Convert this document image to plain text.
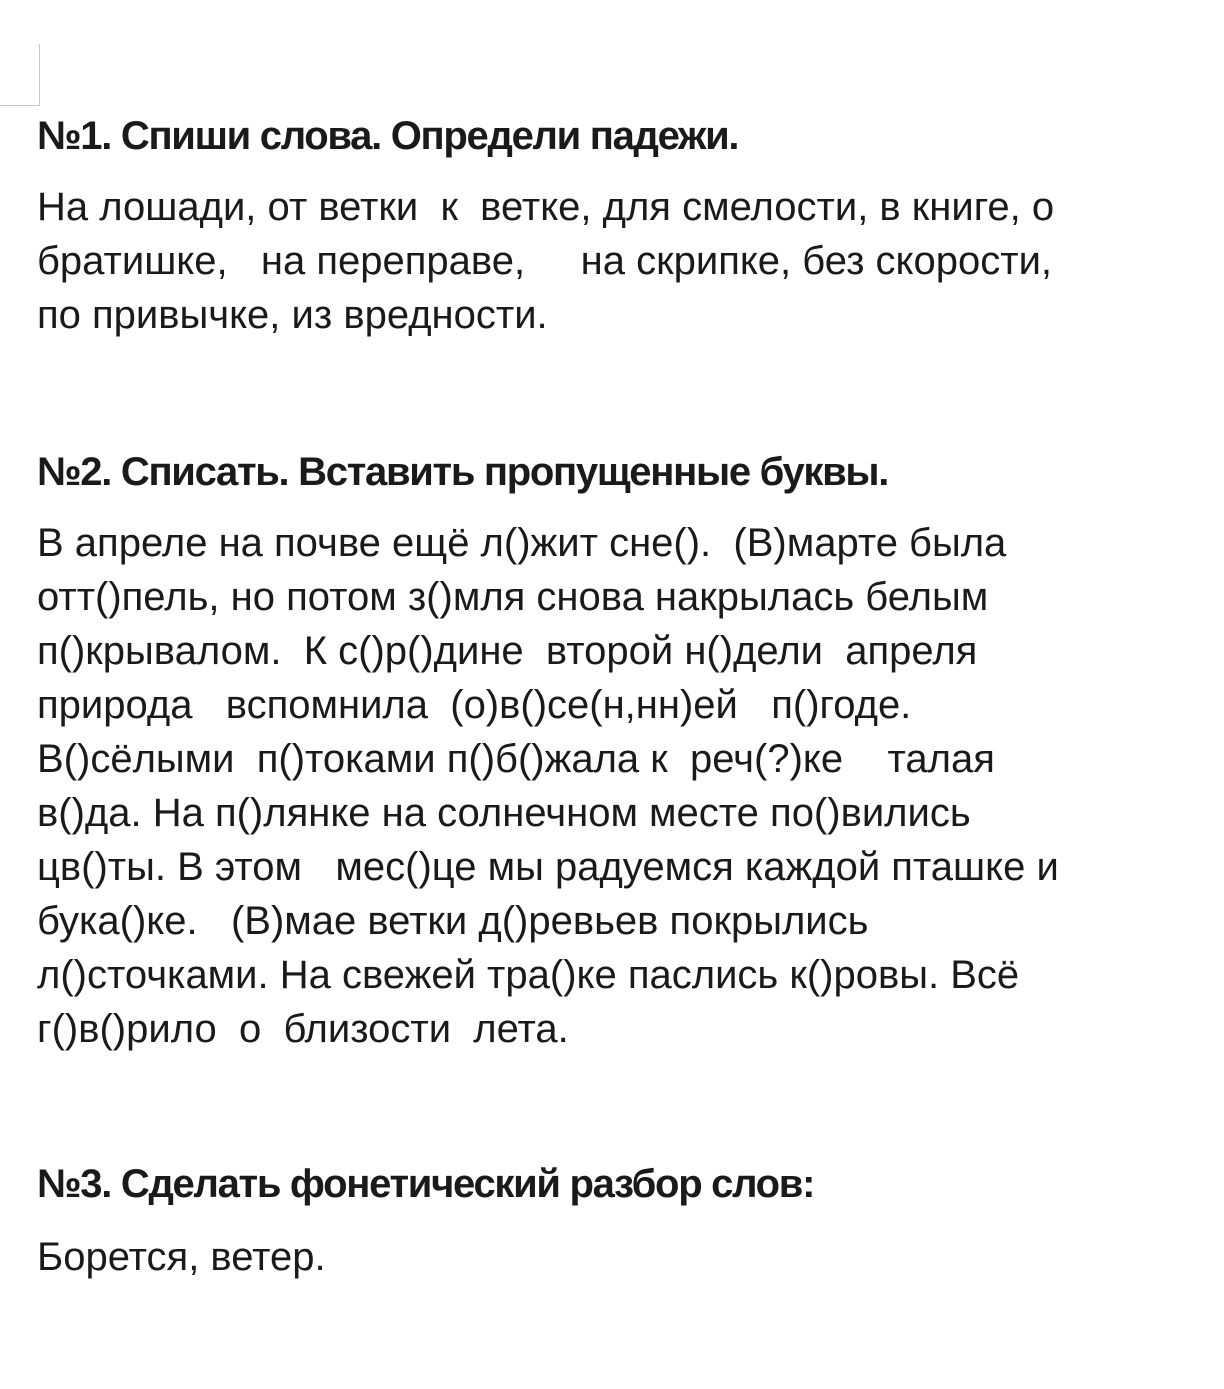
№1. Спиши слова. Определи падежи.

На лошади, от ветки  к  ветке, для смелости, в книге, о
братишке,   на переправе,     на скрипке, без скорости,
по привычке, из вредности.

№2. Списать. Вставить пропущенные буквы.

В апреле на почве ещё л()жит сне().  (В)марте была
отт()пель, но потом з()мля снова накрылась белым
п()крывалом.  К с()р()дине  второй н()дели  апреля
природа   вспомнила  (о)в()се(н,нн)ей   п()годе.
В()сёлыми  п()токами п()б()жала к  реч(?)ке    талая
в()да. На п()лянке на солнечном месте по()вились
цв()ты. В этом   мес()це мы радуемся каждой пташке и
бука()ке.   (В)мае ветки д()ревьев покрылись
л()сточками. На свежей тра()ке паслись к()ровы. Всё
г()в()рило  о  близости  лета.

№3. Сделать фонетический разбор слов:

Борется, ветер.
